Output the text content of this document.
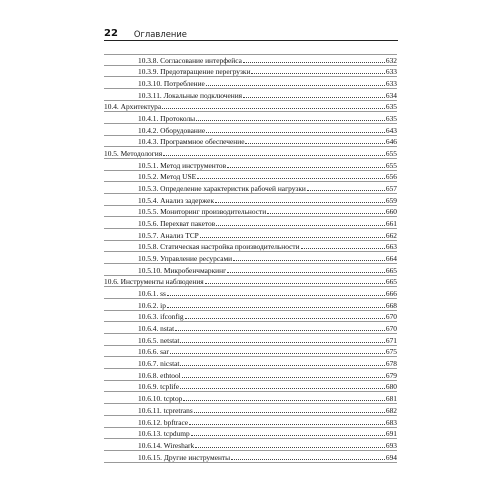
22 Оглавление
10.3.8. Согласование интерфейса	632
10.3.9. Предотвращение перегрузки	633
10.3.10. Потребление	633
10.3.11. Локальные подключения	634
10.4. Архитектура	635
10.4.1. Протоколы	635
10.4.2. Оборудование	643
10.4.3. Программное обеспечение	646
10.5. Методология	655
10.5.1. Метод инструментов	655
10.5.2. Метод USE	656
10.5.3. Определение характеристик рабочей нагрузки	657
10.5.4. Анализ задержек	659
10.5.5. Мониторинг производительности	660
10.5.6. Перехват пакетов	661
10.5.7. Анализ TCP	662
10.5.8. Статическая настройка производительности	663
10.5.9. Управление ресурсами	664
10.5.10. Микробенчмаркинг	665
10.6. Инструменты наблюдения	665
10.6.1. ss	666
10.6.2. ip	668
10.6.3. ifconfig	670
10.6.4. nstat	670
10.6.5. netstat	671
10.6.6. sar	675
10.6.7. nicstat	678
10.6.8. ethtool	679
10.6.9. tcplife	680
10.6.10. tcptop	681
10.6.11. tcpretrans	682
10.6.12. bpftrace	683
10.6.13. tcpdump	691
10.6.14. Wireshark	693
10.6.15. Другие инструменты	694
